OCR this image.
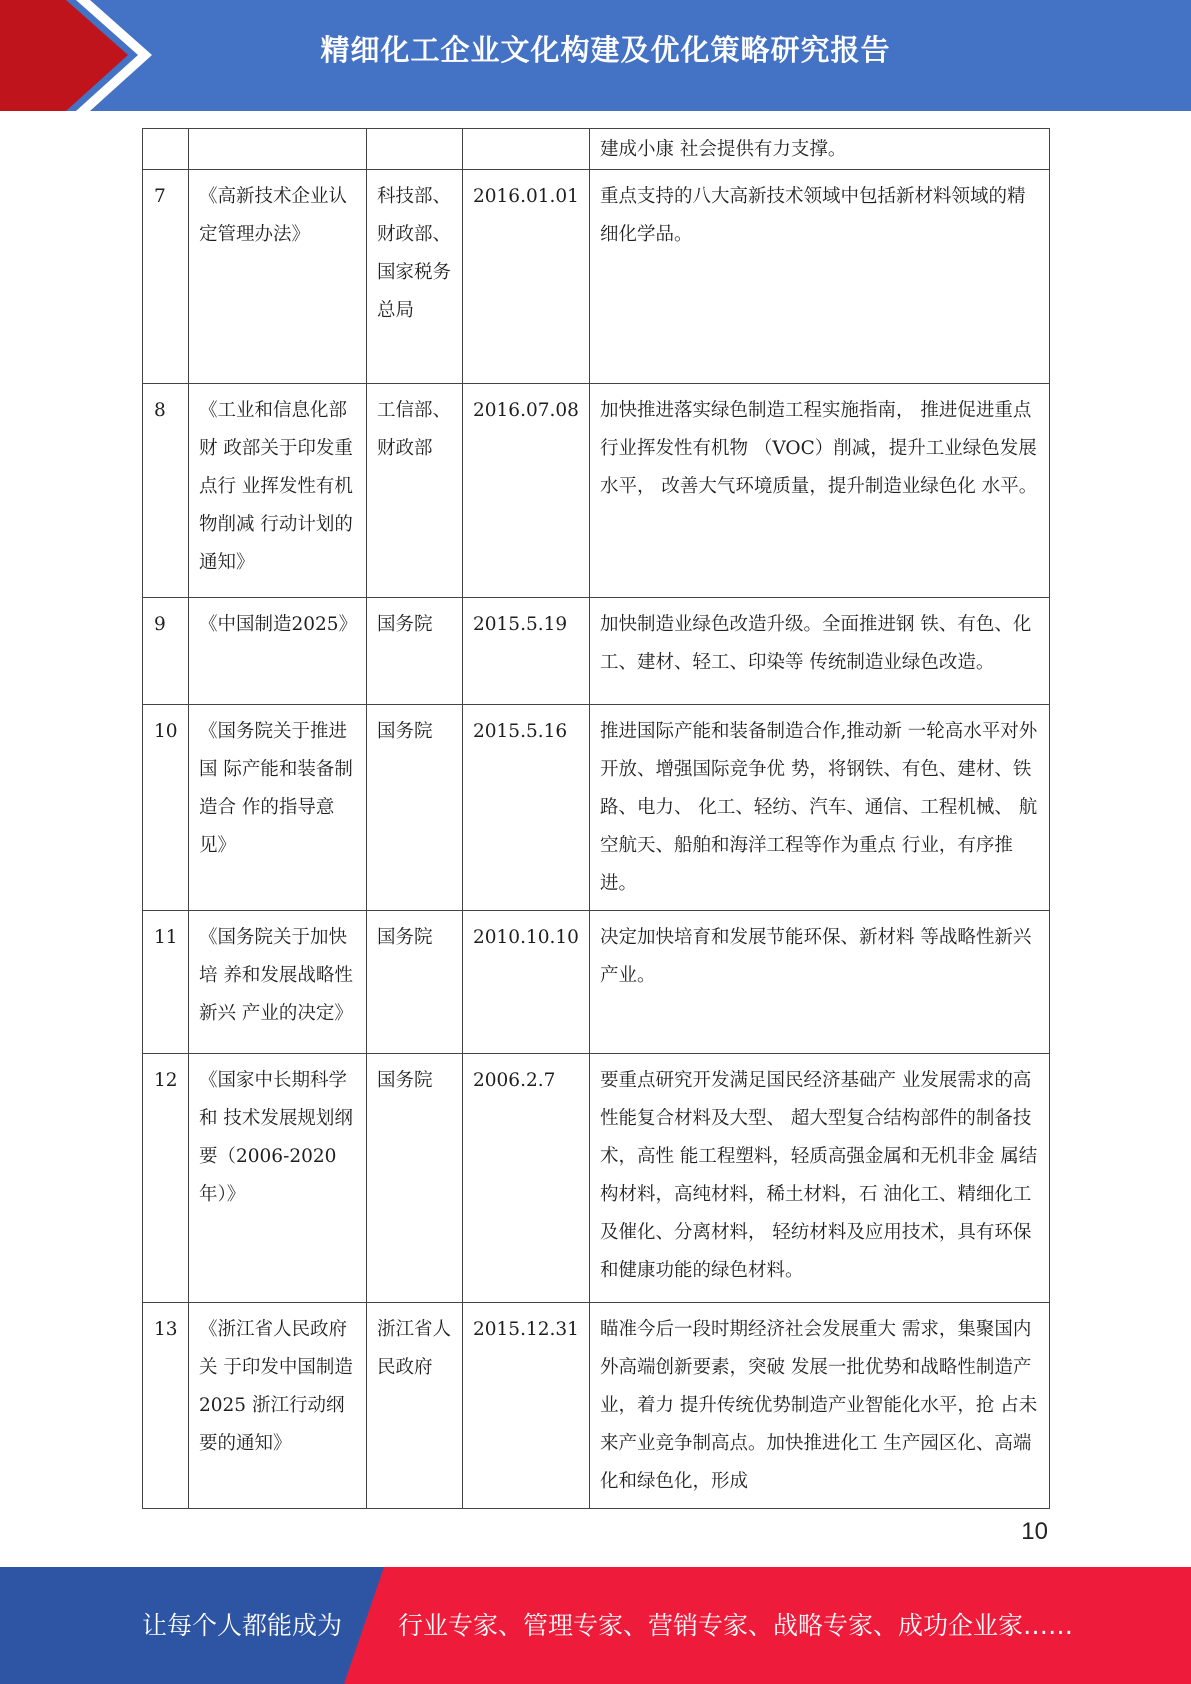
精细化工企业文化构建及优化策略研究报告
				建成小康 社会提供有力支撑。
7	《高新技术企业认定管理办法》	科技部、财政部、国家税务 总局	2016.01.01	重点支持的八大高新技术领域中包括新材料领域的精细化学品。
8	《工业和信息化部财 政部关于印发重点行 业挥发性有机物削减 行动计划的通知》	工信部、 财政部	2016.07.08	加快推进落实绿色制造工程实施指南， 推进促进重点行业挥发性有机物 （VOC）削减，提升工业绿色发展水平， 改善大气环境质量，提升制造业绿色化 水平。
9	《中国制造2025》	国务院	2015.5.19	加快制造业绿色改造升级。全面推进钢 铁、有色、化工、建材、轻工、印染等 传统制造业绿色改造。
10	《国务院关于推进国 际产能和装备制造合 作的指导意见》	国务院	2015.5.16	推进国际产能和装备制造合作,推动新 一轮高水平对外开放、增强国际竞争优 势，将钢铁、有色、建材、铁路、电力、 化工、轻纺、汽车、通信、工程机械、 航空航天、船舶和海洋工程等作为重点 行业，有序推进。
11	《国务院关于加快培 养和发展战略性新兴 产业的决定》	国务院	2010.10.10	决定加快培育和发展节能环保、新材料 等战略性新兴产业。
12	《国家中长期科学和 技术发展规划纲要（2006-2020年）》	国务院	2006.2.7	要重点研究开发满足国民经济基础产 业发展需求的高性能复合材料及大型、 超大型复合结构部件的制备技术，高性 能工程塑料，轻质高强金属和无机非金 属结构材料，高纯材料，稀土材料，石 油化工、精细化工及催化、分离材料， 轻纺材料及应用技术，具有环保和健康功能的绿色材料。
13	《浙江省人民政府关 于印发中国制造2025 浙江行动纲要的通知》	浙江省人民政府	2015.12.31	瞄准今后一段时期经济社会发展重大 需求，集聚国内外高端创新要素，突破 发展一批优势和战略性制造产业，着力 提升传统优势制造产业智能化水平，抢 占未来产业竞争制高点。加快推进化工 生产园区化、高端化和绿色化，形成
10
让每个人都能成为 行业专家、管理专家、营销专家、战略专家、成功企业家……
